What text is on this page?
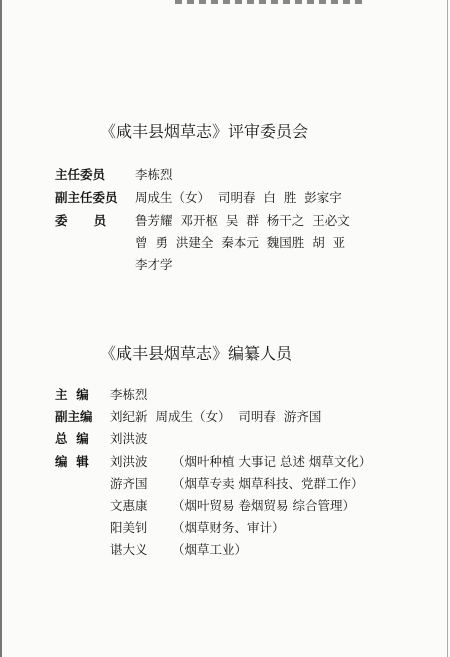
《咸丰县烟草志》评审委员会
主任委员	李栋烈
副主任委员	周成生（女）  司明春  白  胜  彭家宇
委      员	鲁芳耀  邓开枢  吴  群  杨干之  王必文
曾  勇  洪建全  秦本元  魏国胜  胡  亚
李才学
《咸丰县烟草志》编纂人员
主  编	李栋烈
副主编	刘纪新  周成生（女）  司明春  游齐国
总  编	刘洪波
编  辑	刘洪波	（烟叶种植 大事记 总述 烟草文化）
游齐国	（烟草专卖 烟草科技、党群工作）
文惠康	（烟叶贸易 卷烟贸易 综合管理）
阳美钊	（烟草财务、审计）
谌大义	（烟草工业）
